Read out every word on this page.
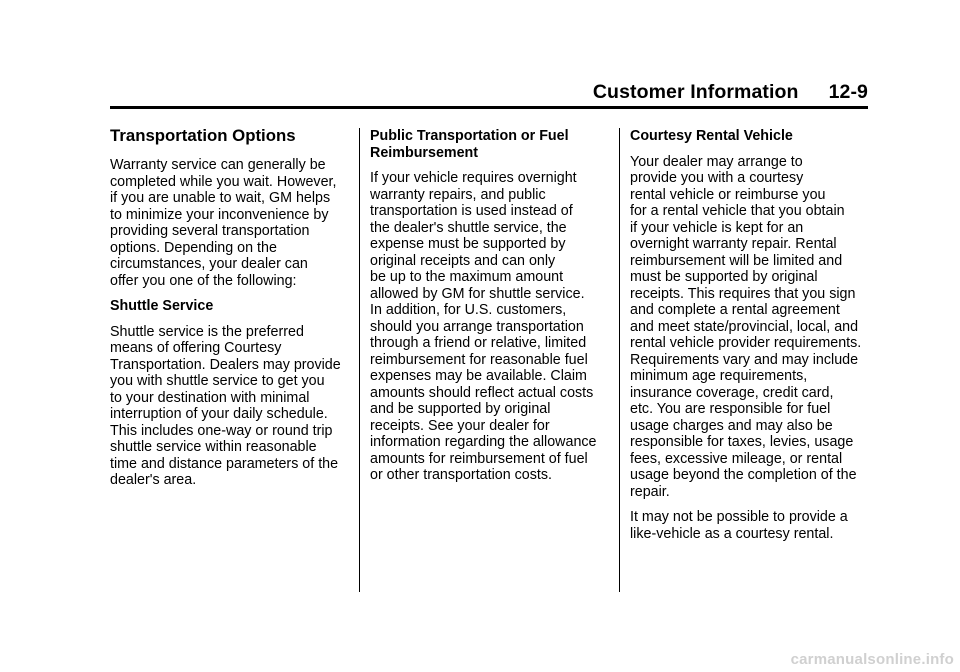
Customer Information 12-9
Transportation Options
Warranty service can generally be
completed while you wait. However,
if you are unable to wait, GM helps
to minimize your inconvenience by
providing several transportation
options. Depending on the
circumstances, your dealer can
offer you one of the following:
Shuttle Service
Shuttle service is the preferred
means of offering Courtesy
Transportation. Dealers may provide
you with shuttle service to get you
to your destination with minimal
interruption of your daily schedule.
This includes one-way or round trip
shuttle service within reasonable
time and distance parameters of the
dealer's area.
Public Transportation or Fuel
Reimbursement
If your vehicle requires overnight
warranty repairs, and public
transportation is used instead of
the dealer's shuttle service, the
expense must be supported by
original receipts and can only
be up to the maximum amount
allowed by GM for shuttle service.
In addition, for U.S. customers,
should you arrange transportation
through a friend or relative, limited
reimbursement for reasonable fuel
expenses may be available. Claim
amounts should reflect actual costs
and be supported by original
receipts. See your dealer for
information regarding the allowance
amounts for reimbursement of fuel
or other transportation costs.
Courtesy Rental Vehicle
Your dealer may arrange to
provide you with a courtesy
rental vehicle or reimburse you
for a rental vehicle that you obtain
if your vehicle is kept for an
overnight warranty repair. Rental
reimbursement will be limited and
must be supported by original
receipts. This requires that you sign
and complete a rental agreement
and meet state/provincial, local, and
rental vehicle provider requirements.
Requirements vary and may include
minimum age requirements,
insurance coverage, credit card,
etc. You are responsible for fuel
usage charges and may also be
responsible for taxes, levies, usage
fees, excessive mileage, or rental
usage beyond the completion of the
repair.
It may not be possible to provide a
like-vehicle as a courtesy rental.
carmanualsonline.info
